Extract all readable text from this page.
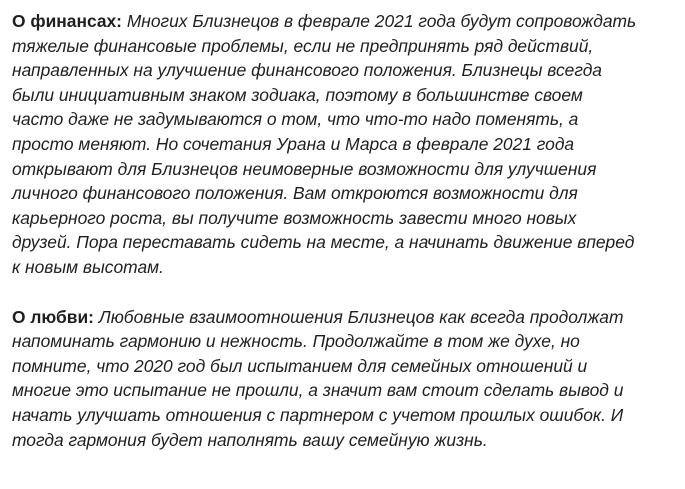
О финансах: Многих Близнецов в феврале 2021 года будут сопровождать
тяжелые финансовые проблемы, если не предпринять ряд действий,
направленных на улучшение финансового положения. Близнецы всегда
были инициативным знаком зодиака, поэтому в большинстве своем
часто даже не задумываются о том, что что-то надо поменять, а
просто меняют. Но сочетания Урана и Марса в феврале 2021 года
открывают для Близнецов неимоверные возможности для улучшения
личного финансового положения. Вам откроются возможности для
карьерного роста, вы получите возможность завести много новых
друзей. Пора переставать сидеть на месте, а начинать движение вперед
к новым высотам.

О любви: Любовные взаимоотношения Близнецов как всегда продолжат
напоминать гармонию и нежность. Продолжайте в том же духе, но
помните, что 2020 год был испытанием для семейных отношений и
многие это испытание не прошли, а значит вам стоит сделать вывод и
начать улучшать отношения с партнером с учетом прошлых ошибок. И
тогда гармония будет наполнять вашу семейную жизнь.
